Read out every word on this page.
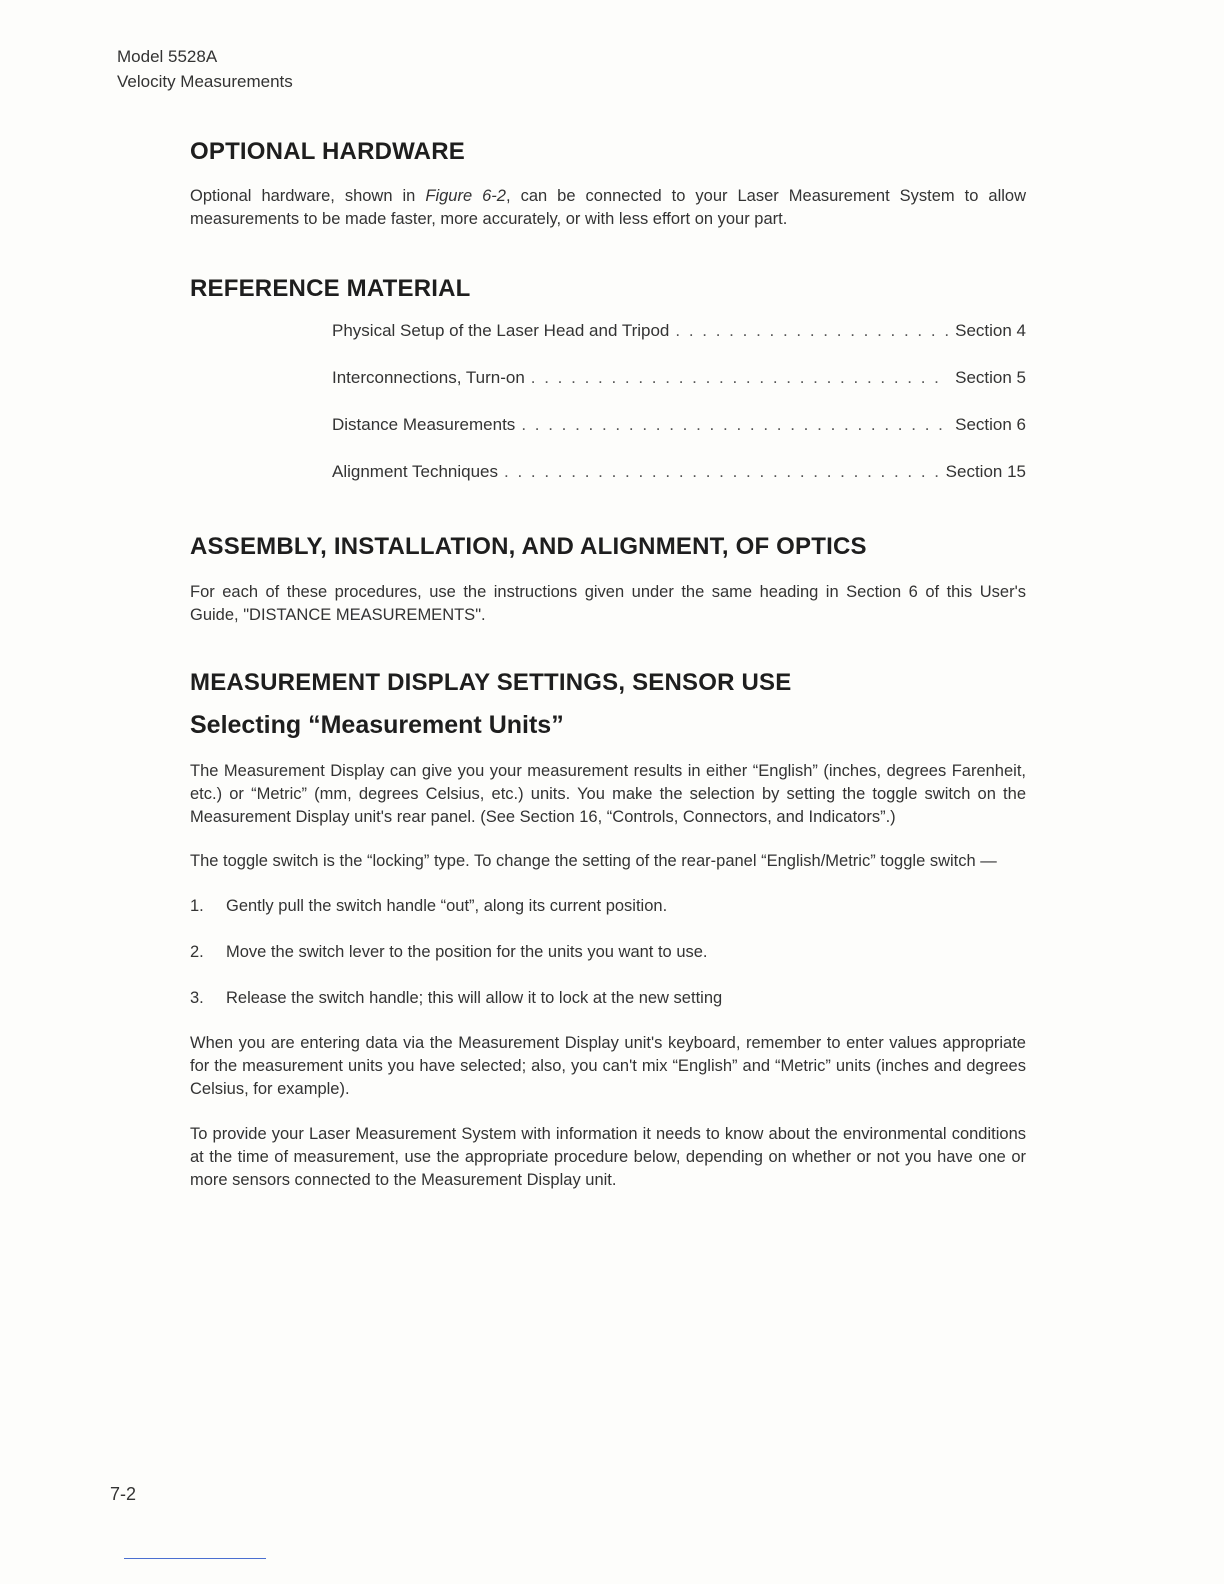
Model 5528A
Velocity Measurements
OPTIONAL HARDWARE

Optional hardware, shown in Figure 6-2, can be connected to your Laser Measurement System to allow measurements to be made faster, more accurately, or with less effort on your part.

REFERENCE MATERIAL
Physical Setup of the Laser Head and Tripod . . .	Section 4
Interconnections, Turn-on . . .	Section 5
Distance Measurements . . .	Section 6
Alignment Techniques . . .	Section 15
ASSEMBLY, INSTALLATION, AND ALIGNMENT, OF OPTICS

For each of these procedures, use the instructions given under the same heading in Section 6 of this User's Guide, "DISTANCE MEASUREMENTS".

MEASUREMENT DISPLAY SETTINGS, SENSOR USE
Selecting “Measurement Units”

The Measurement Display can give you your measurement results in either “English” (inches, degrees Farenheit, etc.) or “Metric” (mm, degrees Celsius, etc.) units. You make the selection by setting the toggle switch on the Measurement Display unit's rear panel. (See Section 16, “Controls, Connectors, and Indicators”.)

The toggle switch is the “locking” type. To change the setting of the rear-panel “English/Metric” toggle switch —

1.	Gently pull the switch handle “out”, along its current position.
2.	Move the switch lever to the position for the units you want to use.
3.	Release the switch handle; this will allow it to lock at the new setting

When you are entering data via the Measurement Display unit's keyboard, remember to enter values appropriate for the measurement units you have selected; also, you can't mix “English” and “Metric” units (inches and degrees Celsius, for example).

To provide your Laser Measurement System with information it needs to know about the environmental conditions at the time of measurement, use the appropriate procedure below, depending on whether or not you have one or more sensors connected to the Measurement Display unit.

7-2
